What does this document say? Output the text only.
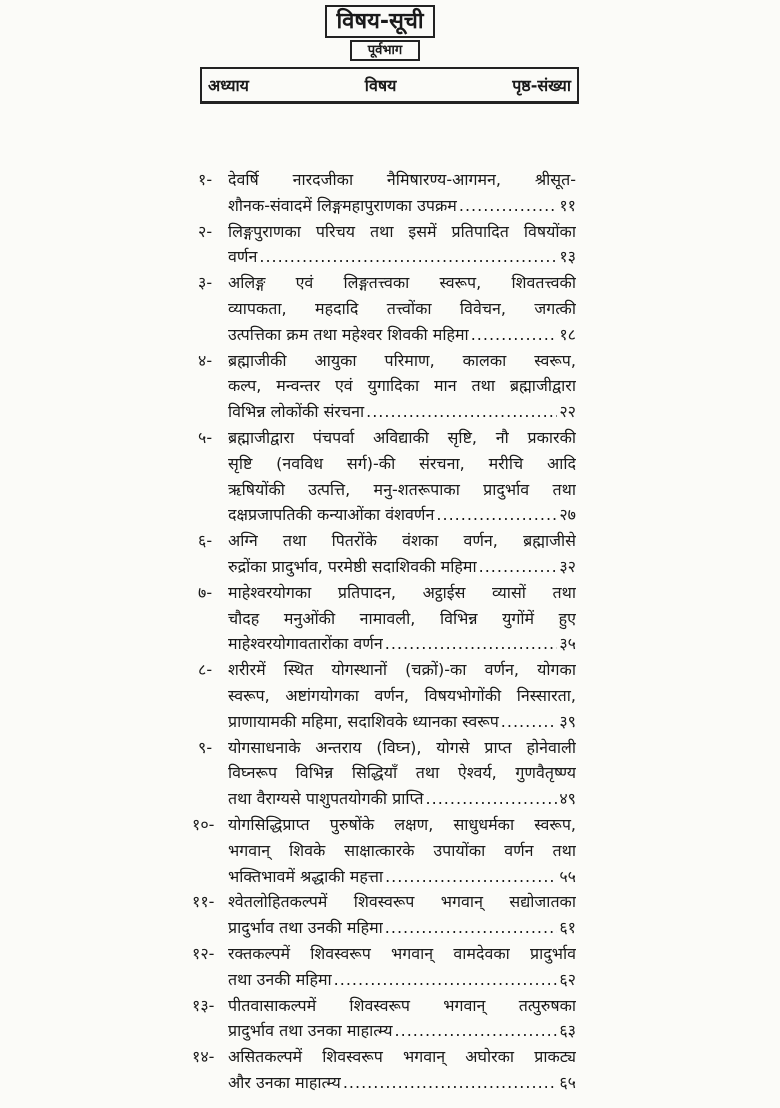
विषय-सूची
पूर्वभाग
अध्याय	विषय	पृष्ठ-संख्या
१- देवर्षि नारदजीका नैमिषारण्य-आगमन, श्रीसूत-
शौनक-संवादमें लिङ्गमहापुराणका उपक्रम .....	११
२- लिङ्गपुराणका परिचय तथा इसमें प्रतिपादित विषयोंका
वर्णन .....	१३
३- अलिङ्ग एवं लिङ्गतत्त्वका स्वरूप, शिवतत्त्वकी
व्यापकता, महदादि तत्त्वोंका विवेचन, जगत्की
उत्पत्तिका क्रम तथा महेश्वर शिवकी महिमा .....	१८
४- ब्रह्माजीकी आयुका परिमाण, कालका स्वरूप,
कल्प, मन्वन्तर एवं युगादिका मान तथा ब्रह्माजीद्वारा
विभिन्न लोकोंकी संरचना .....	२२
५- ब्रह्माजीद्वारा पंचपर्वा अविद्याकी सृष्टि, नौ प्रकारकी
सृष्टि (नवविध सर्ग)-की संरचना, मरीचि आदि
ऋषियोंकी उत्पत्ति, मनु-शतरूपाका प्रादुर्भाव तथा
दक्षप्रजापतिकी कन्याओंका वंशवर्णन .....	२७
६- अग्नि तथा पितरोंके वंशका वर्णन, ब्रह्माजीसे
रुद्रोंका प्रादुर्भाव, परमेष्ठी सदाशिवकी महिमा .....	३२
७- माहेश्वरयोगका प्रतिपादन, अट्ठाईस व्यासों तथा
चौदह मनुओंकी नामावली, विभिन्न युगोंमें हुए
माहेश्वरयोगावतारोंका वर्णन .....	३५
८- शरीरमें स्थित योगस्थानों (चक्रों)-का वर्णन, योगका
स्वरूप, अष्टांगयोगका वर्णन, विषयभोगोंकी निस्सारता,
प्राणायामकी महिमा, सदाशिवके ध्यानका स्वरूप .....	३९
९- योगसाधनाके अन्तराय (विघ्न), योगसे प्राप्त होनेवाली
विघ्नरूप विभिन्न सिद्धियाँ तथा ऐश्वर्य, गुणवैतृष्ण्य
तथा वैराग्यसे पाशुपतयोगकी प्राप्ति .....	४९
१०- योगसिद्धिप्राप्त पुरुषोंके लक्षण, साधुधर्मका स्वरूप,
भगवान् शिवके साक्षात्कारके उपायोंका वर्णन तथा
भक्तिभावमें श्रद्धाकी महत्ता .....	५५
११- श्वेतलोहितकल्पमें शिवस्वरूप भगवान् सद्योजातका
प्रादुर्भाव तथा उनकी महिमा .....	६१
१२- रक्तकल्पमें शिवस्वरूप भगवान् वामदेवका प्रादुर्भाव
तथा उनकी महिमा .....	६२
१३- पीतवासाकल्पमें शिवस्वरूप भगवान् तत्पुरुषका
प्रादुर्भाव तथा उनका माहात्म्य .....	६३
१४- असितकल्पमें शिवस्वरूप भगवान् अघोरका प्राकट्य
और उनका माहात्म्य .....	६५
